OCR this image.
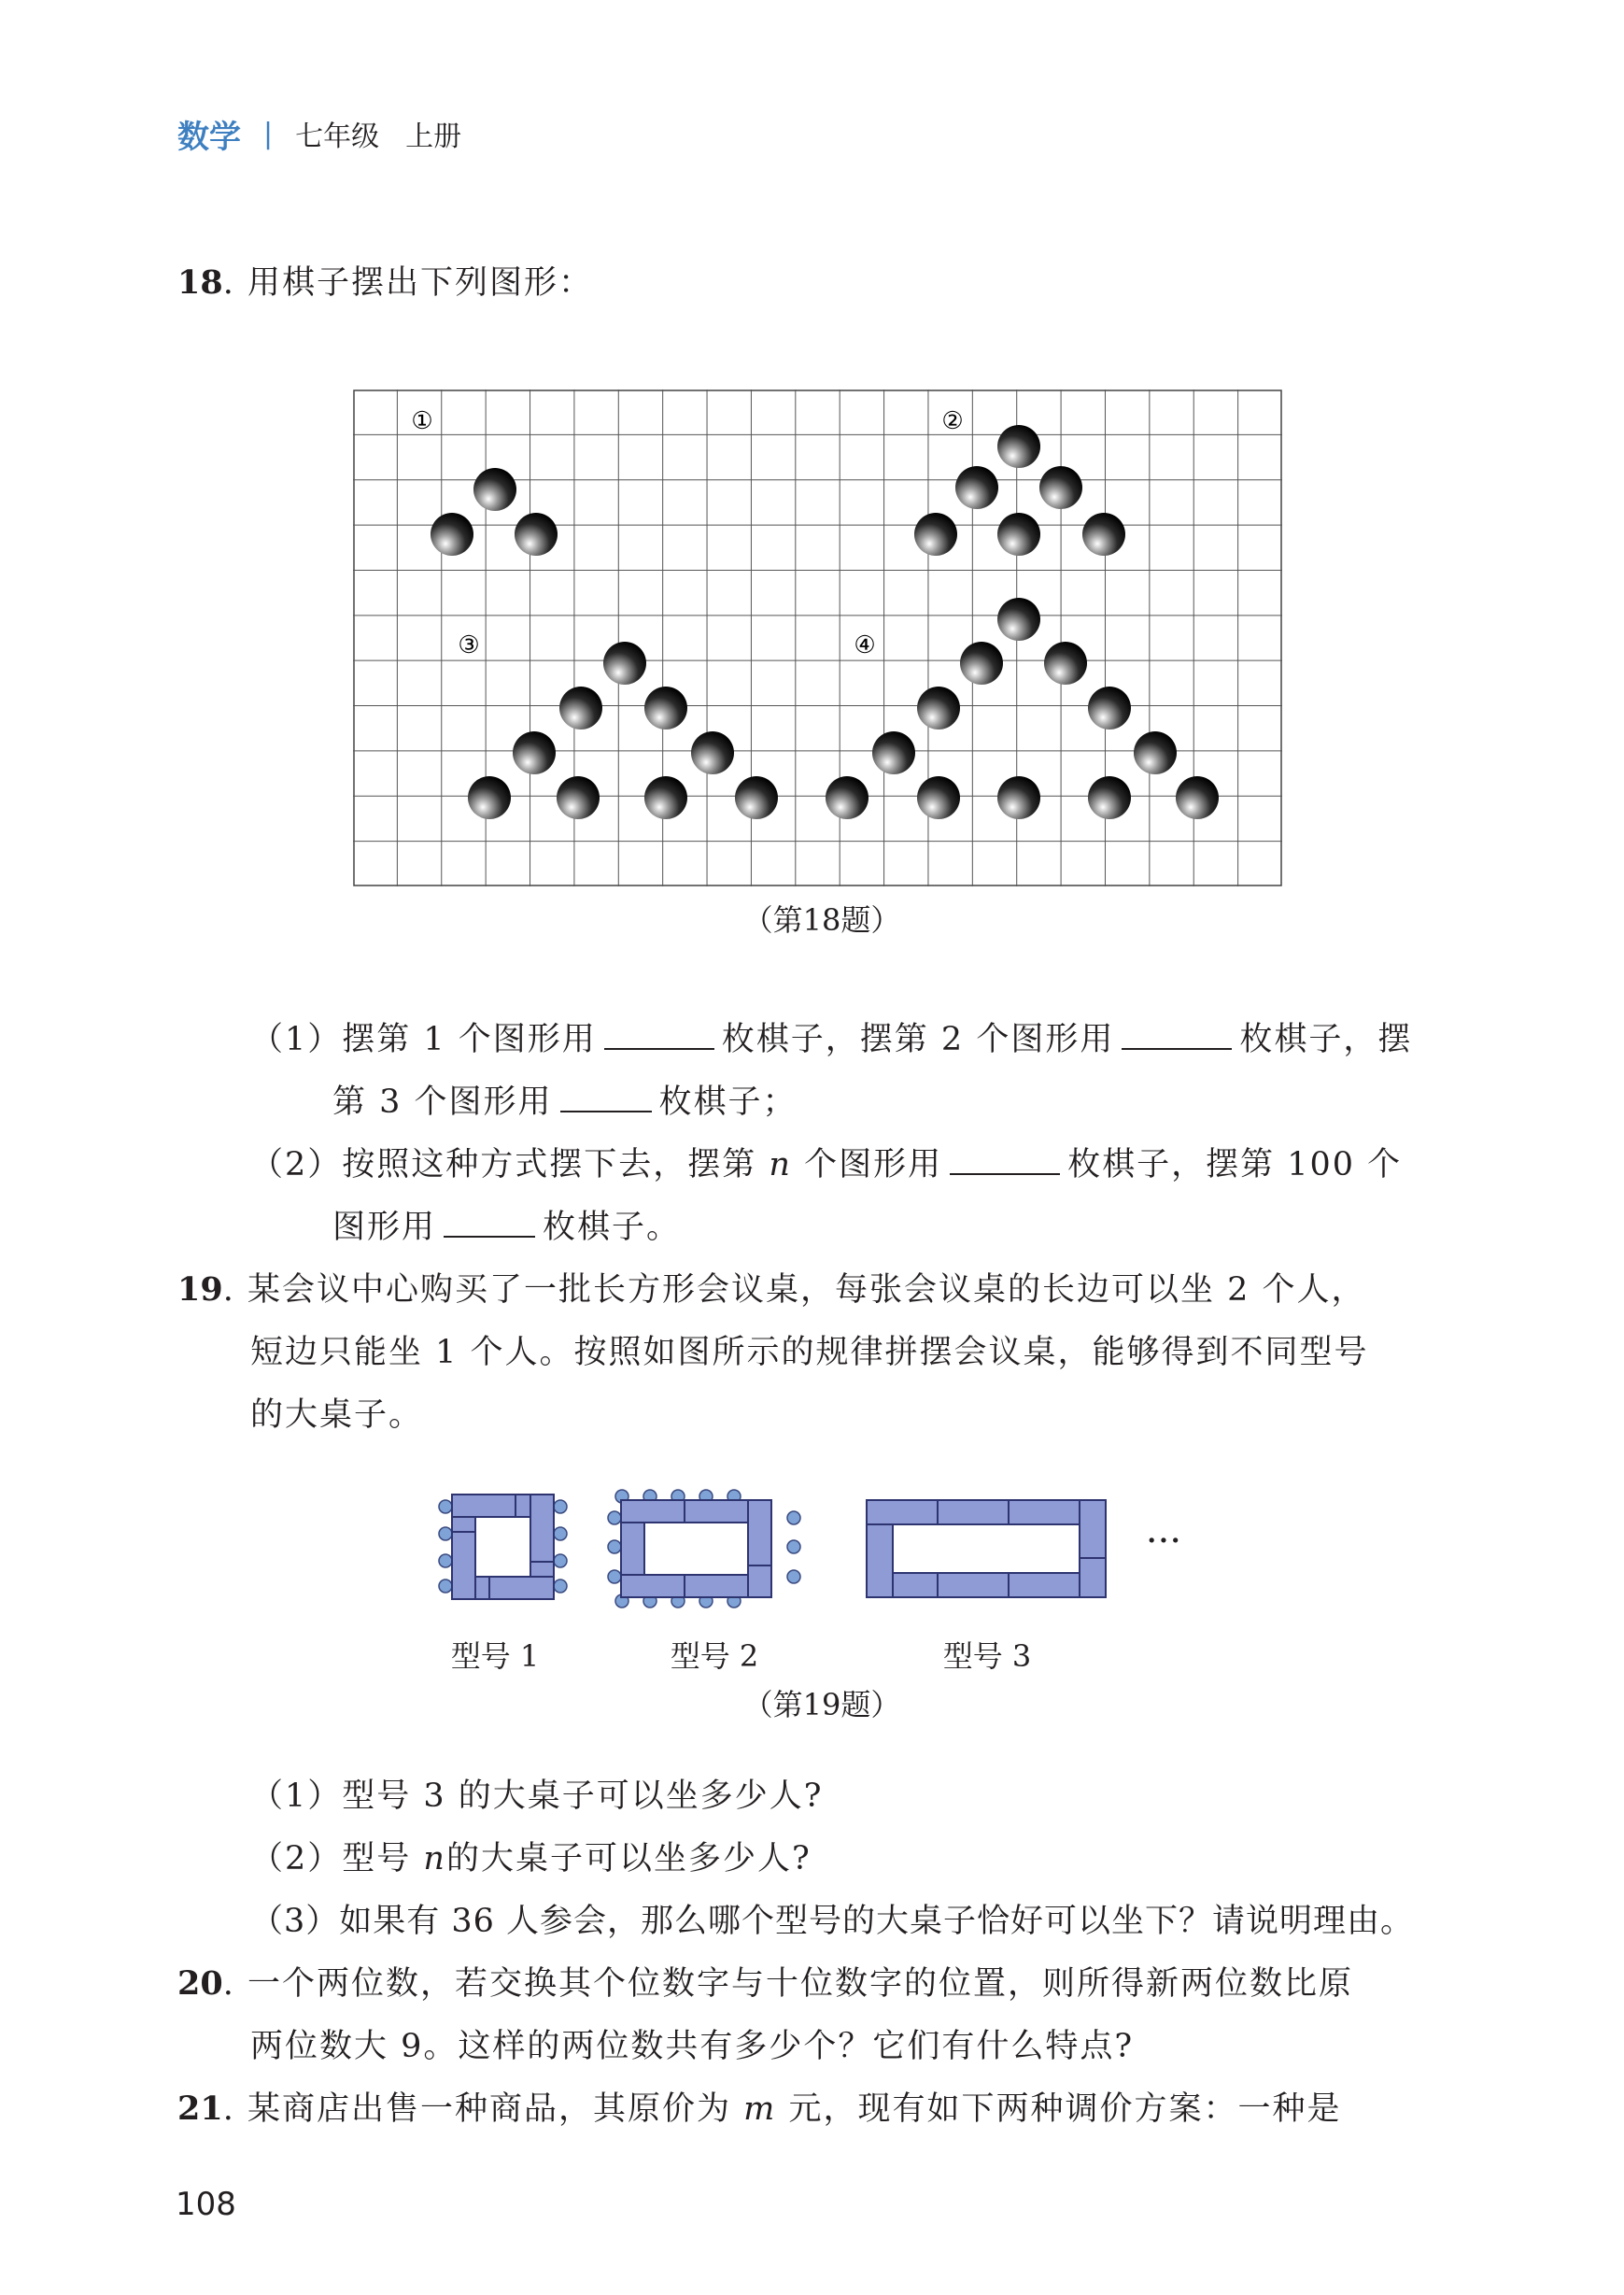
数学 | 七年级 上册
18. 用棋子摆出下列图形：
①	②
③	④
（第18题）
（1）摆第 1 个图形用	枚棋子，摆第 2 个图形用	枚棋子，摆
第 3 个图形用	枚棋子；
（2）按照这种方式摆下去，摆第 n 个图形用	枚棋子，摆第 100 个
图形用	枚棋子。
19. 某会议中心购买了一批长方形会议桌，每张会议桌的长边可以坐 2 个人，
短边只能坐 1 个人。按照如图所示的规律拼摆会议桌，能够得到不同型号
的大桌子。
···
型号 1	型号 2	型号 3
（第19题）
（1）型号 3 的大桌子可以坐多少人?
（2）型号 n的大桌子可以坐多少人?
（3）如果有 36 人参会，那么哪个型号的大桌子恰好可以坐下？请说明理由。
20. 一个两位数，若交换其个位数字与十位数字的位置，则所得新两位数比原
两位数大 9。这样的两位数共有多少个？它们有什么特点?
21. 某商店出售一种商品，其原价为 m 元，现有如下两种调价方案：一种是
108
